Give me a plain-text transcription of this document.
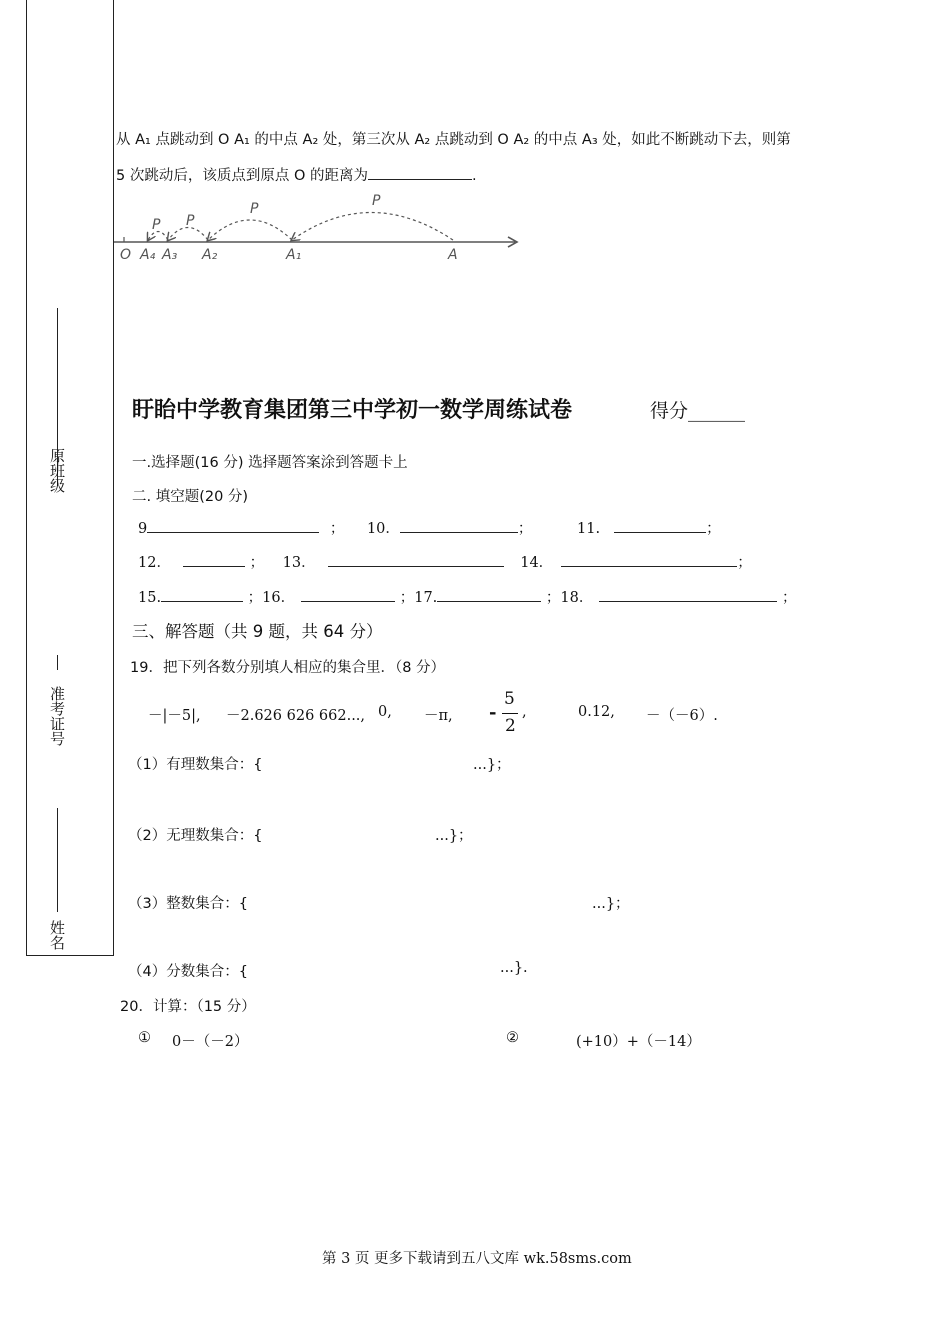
原班级
准考证号
姓名
从 A₁ 点跳动到 O A₁ 的中点 A₂ 处，第三次从 A₂ 点跳动到 O A₂ 的中点 A₃ 处，如此不断跳动下去，则第
5 次跳动后，该质点到原点 O 的距离为	.
P P
P	P
O A₄ A₃ A₂	A₁	A
盱眙中学教育集团第三中学初一数学周练试卷	得分______
一.选择题(16 分) 选择题答案涂到答题卡上
二. 填空题(20 分)
9	； 10．	；	11.	；
12．	； 13．	14．	；
15.	；16．	；17.	；18．	；
三、解答题（共 9 题，共 64 分）
19．把下列各数分别填人相应的集合里．（8 分）
－|－5|, －2.626 626 662..., 0, －π, -
5
2
,	0.12, －（－6）.
（1）有理数集合：{	...}；
（2）无理数集合：{	...}；
（3）整数集合：{	...}；
（4）分数集合：{	...}.
20．计算：（15 分）
① 0－（－2）	②	(+10）+（－14）
第 3 页 更多下载请到五八文库 wk.58sms.com
